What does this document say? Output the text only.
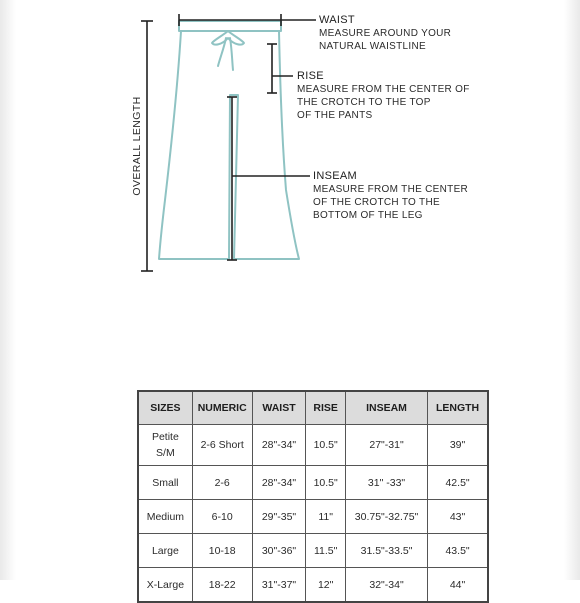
OVERALL LENGTH
WAIST
MEASURE AROUND YOUR
NATURAL WAISTLINE
RISE
MEASURE FROM THE CENTER OF
THE CROTCH TO THE TOP
OF THE PANTS
INSEAM
MEASURE FROM THE CENTER
OF THE CROTCH TO THE
BOTTOM OF THE LEG
SIZES	NUMERIC	WAIST	RISE	INSEAM	LENGTH
Petite
S/M	2-6 Short	28"-34"	10.5"	27"-31"	39"
Small	2-6	28"-34"	10.5"	31" -33"	42.5"
Medium	6-10	29"-35"	11"	30.75"-32.75"	43"
Large	10-18	30"-36"	11.5"	31.5"-33.5"	43.5"
X-Large	18-22	31"-37"	12"	32"-34"	44"
